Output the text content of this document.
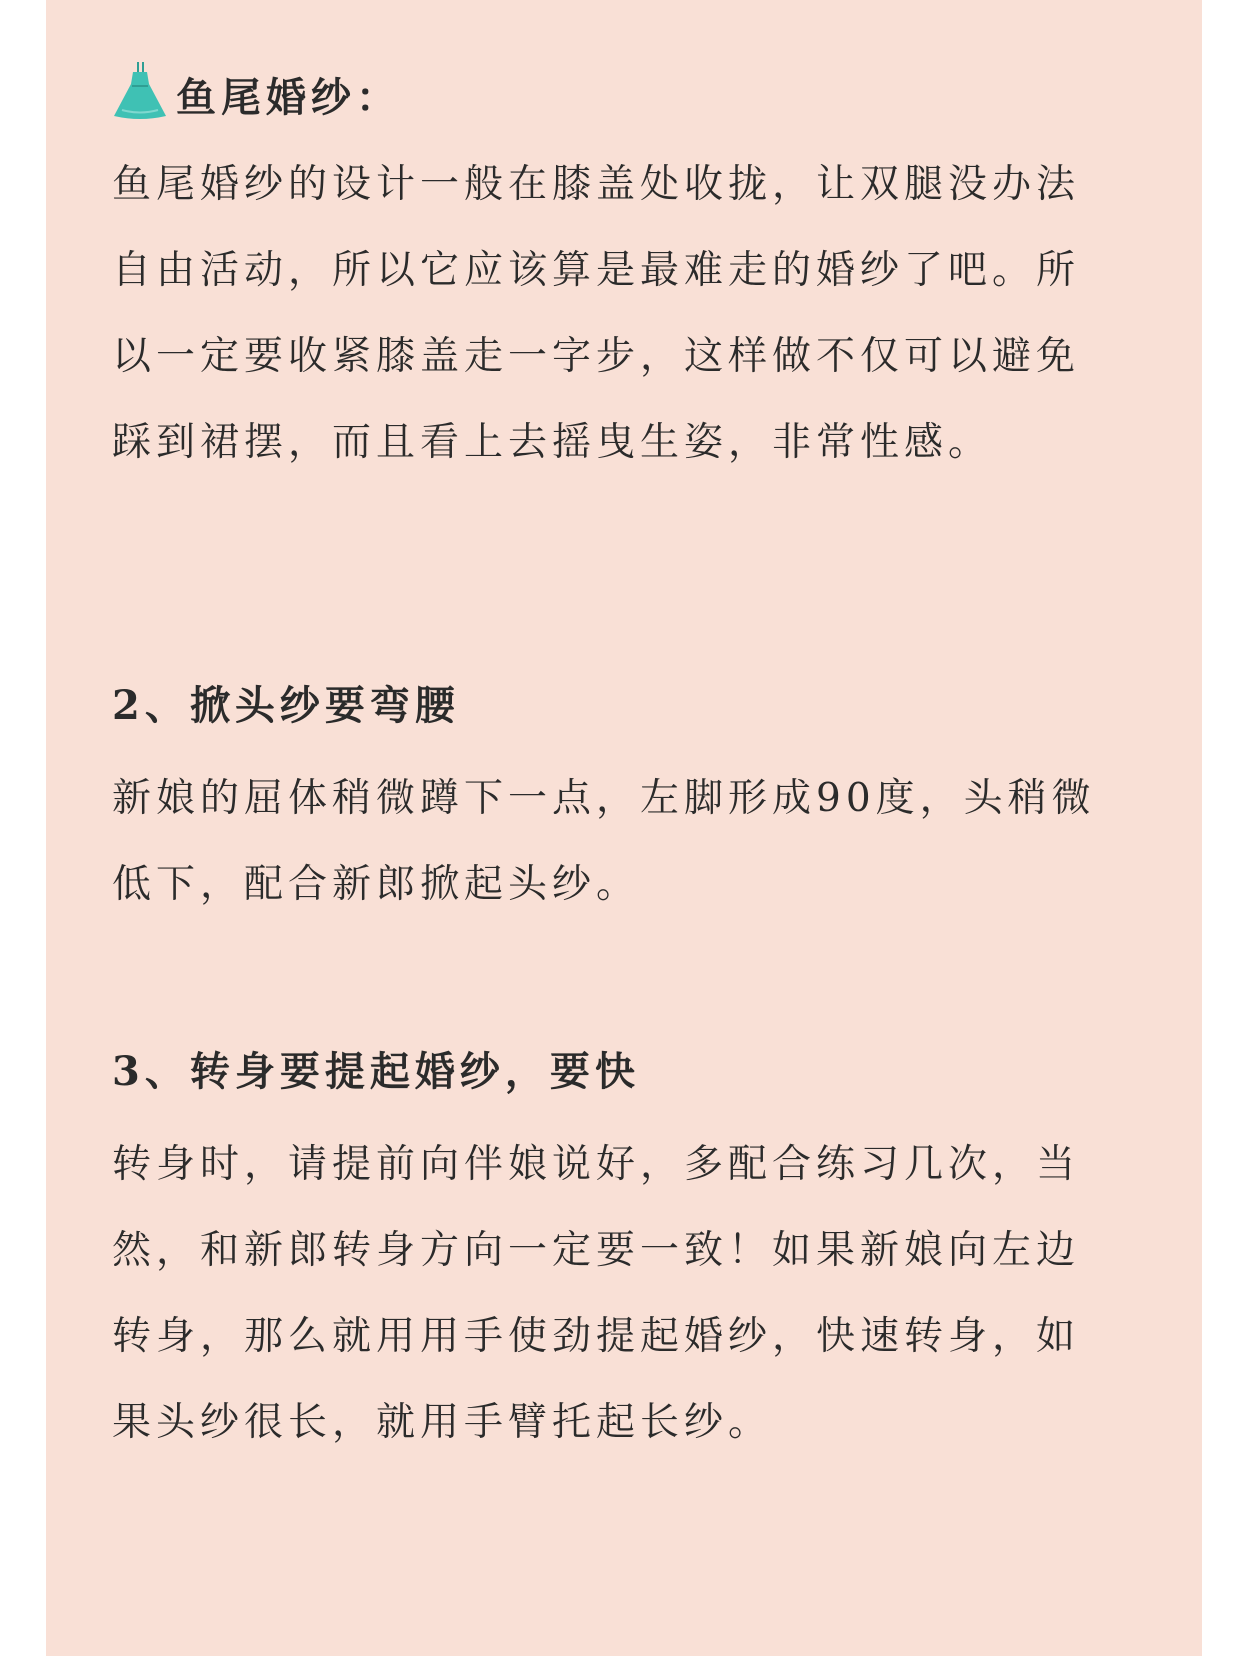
鱼尾婚纱：
鱼尾婚纱的设计一般在膝盖处收拢，让双腿没办法自由活动，所以它应该算是最难走的婚纱了吧。所以一定要收紧膝盖走一字步，这样做不仅可以避免踩到裙摆，而且看上去摇曳生姿，非常性感。
2、掀头纱要弯腰
新娘的屈体稍微蹲下一点，左脚形成90度，头稍微低下，配合新郎掀起头纱。
3、转身要提起婚纱，要快
转身时，请提前向伴娘说好，多配合练习几次，当然，和新郎转身方向一定要一致！如果新娘向左边转身，那么就用用手使劲提起婚纱，快速转身，如果头纱很长，就用手臂托起长纱。
